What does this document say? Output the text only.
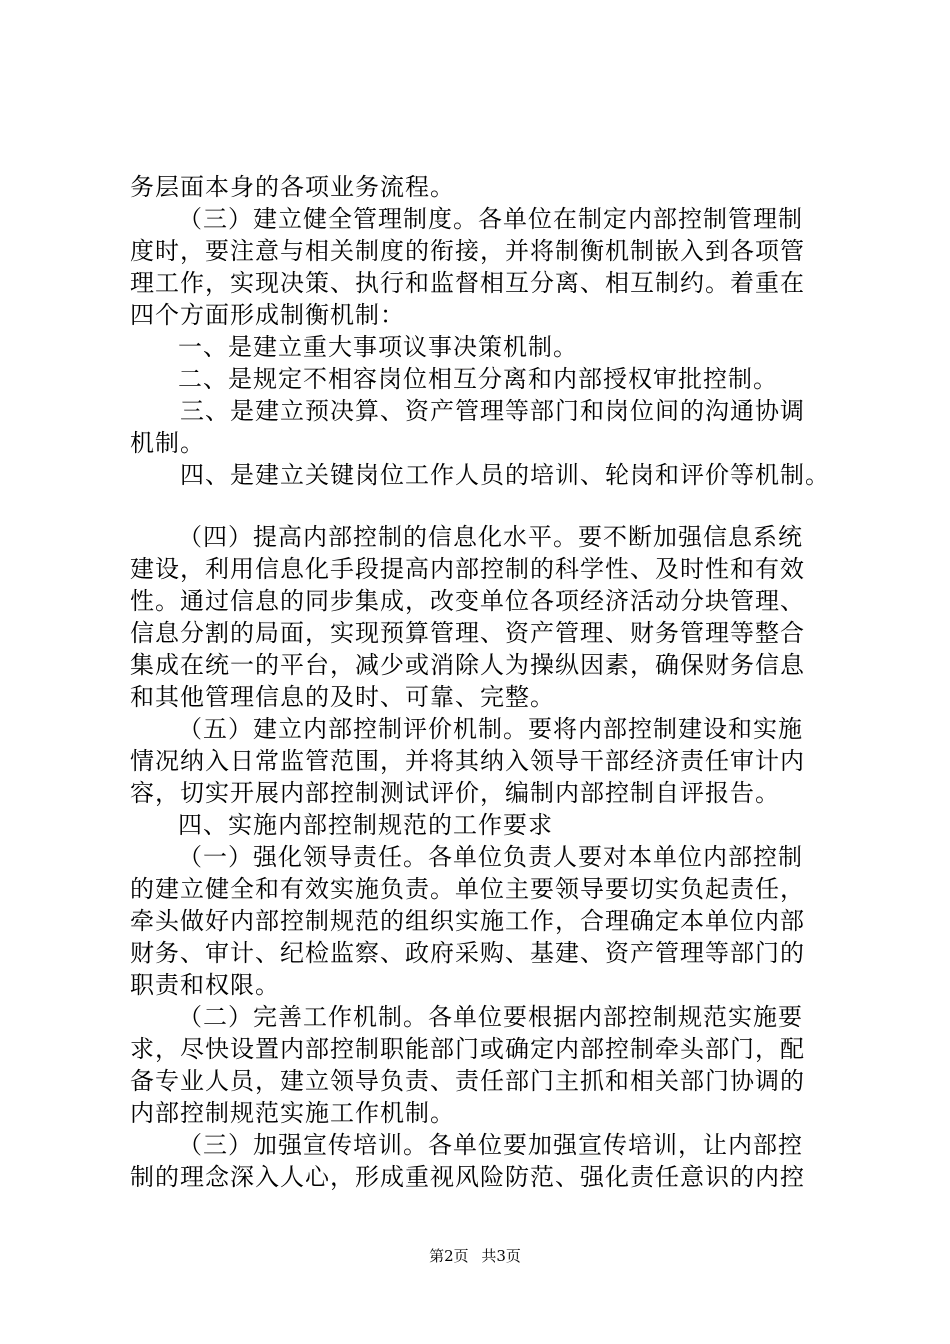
务层面本身的各项业务流程。
（三）建立健全管理制度。各单位在制定内部控制管理制
度时，要注意与相关制度的衔接，并将制衡机制嵌入到各项管
理工作，实现决策、执行和监督相互分离、相互制约。着重在
四个方面形成制衡机制：
一、是建立重大事项议事决策机制。
二、是规定不相容岗位相互分离和内部授权审批控制。
三、是建立预决算、资产管理等部门和岗位间的沟通协调
机制。
四、是建立关键岗位工作人员的培训、轮岗和评价等机制。
（四）提高内部控制的信息化水平。要不断加强信息系统
建设，利用信息化手段提高内部控制的科学性、及时性和有效
性。通过信息的同步集成，改变单位各项经济活动分块管理、
信息分割的局面，实现预算管理、资产管理、财务管理等整合
集成在统一的平台，减少或消除人为操纵因素，确保财务信息
和其他管理信息的及时、可靠、完整。
（五）建立内部控制评价机制。要将内部控制建设和实施
情况纳入日常监管范围，并将其纳入领导干部经济责任审计内
容，切实开展内部控制测试评价，编制内部控制自评报告。
四、实施内部控制规范的工作要求
（一）强化领导责任。各单位负责人要对本单位内部控制
的建立健全和有效实施负责。单位主要领导要切实负起责任，
牵头做好内部控制规范的组织实施工作，合理确定本单位内部
财务、审计、纪检监察、政府采购、基建、资产管理等部门的
职责和权限。
（二）完善工作机制。各单位要根据内部控制规范实施要
求，尽快设置内部控制职能部门或确定内部控制牵头部门，配
备专业人员，建立领导负责、责任部门主抓和相关部门协调的
内部控制规范实施工作机制。
（三）加强宣传培训。各单位要加强宣传培训，让内部控
制的理念深入人心，形成重视风险防范、强化责任意识的内控
第2页 共3页
